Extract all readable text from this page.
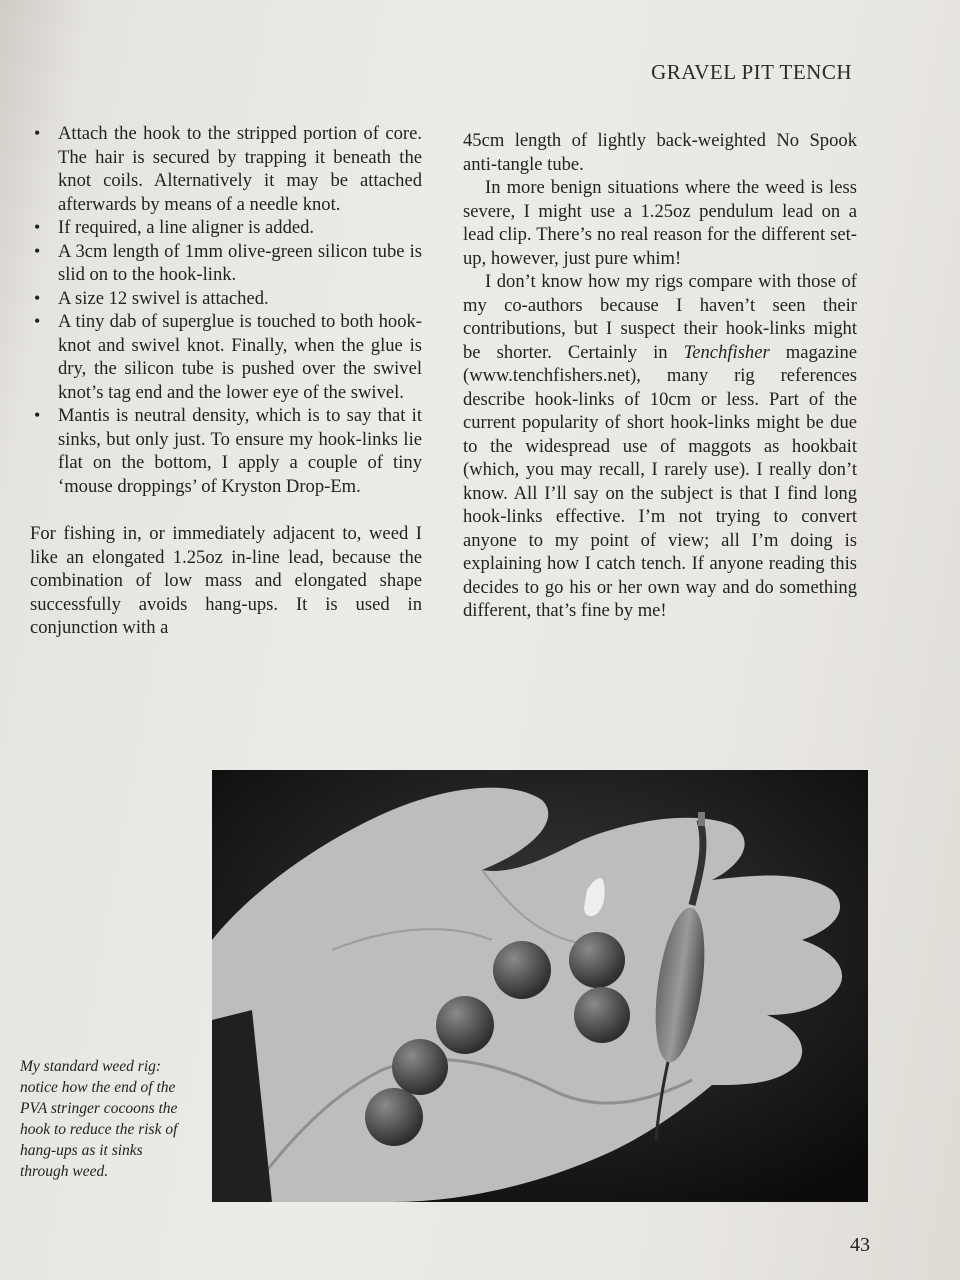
GRAVEL PIT TENCH
• Attach the hook to the stripped portion of core. The hair is secured by trapping it beneath the knot coils. Alternatively it may be attached afterwards by means of a needle knot.
• If required, a line aligner is added.
• A 3cm length of 1mm olive-green silicon tube is slid on to the hook-link.
• A size 12 swivel is attached.
• A tiny dab of superglue is touched to both hook-knot and swivel knot. Finally, when the glue is dry, the silicon tube is pushed over the swivel knot’s tag end and the lower eye of the swivel.
• Mantis is neutral density, which is to say that it sinks, but only just. To ensure my hook-links lie flat on the bottom, I apply a couple of tiny ‘mouse droppings’ of Kryston Drop-Em.

For fishing in, or immediately adjacent to, weed I like an elongated 1.25oz in-line lead, because the combination of low mass and elongated shape successfully avoids hang-ups. It is used in conjunction with a

45cm length of lightly back-weighted No Spook anti-tangle tube.

In more benign situations where the weed is less severe, I might use a 1.25oz pendulum lead on a lead clip. There’s no real reason for the different set-up, however, just pure whim!

I don’t know how my rigs compare with those of my co-authors because I haven’t seen their contributions, but I suspect their hook-links might be shorter. Certainly in Tenchfisher magazine (www.tenchfishers.net), many rig references describe hook-links of 10cm or less. Part of the current popularity of short hook-links might be due to the widespread use of maggots as hookbait (which, you may recall, I rarely use). I really don’t know. All I’ll say on the subject is that I find long hook-links effective. I’m not trying to convert anyone to my point of view; all I’m doing is explaining how I catch tench. If anyone reading this decides to go his or her own way and do something different, that’s fine by me!

My standard weed rig: notice how the end of the PVA stringer cocoons the hook to reduce the risk of hang-ups as it sinks through weed.
43
